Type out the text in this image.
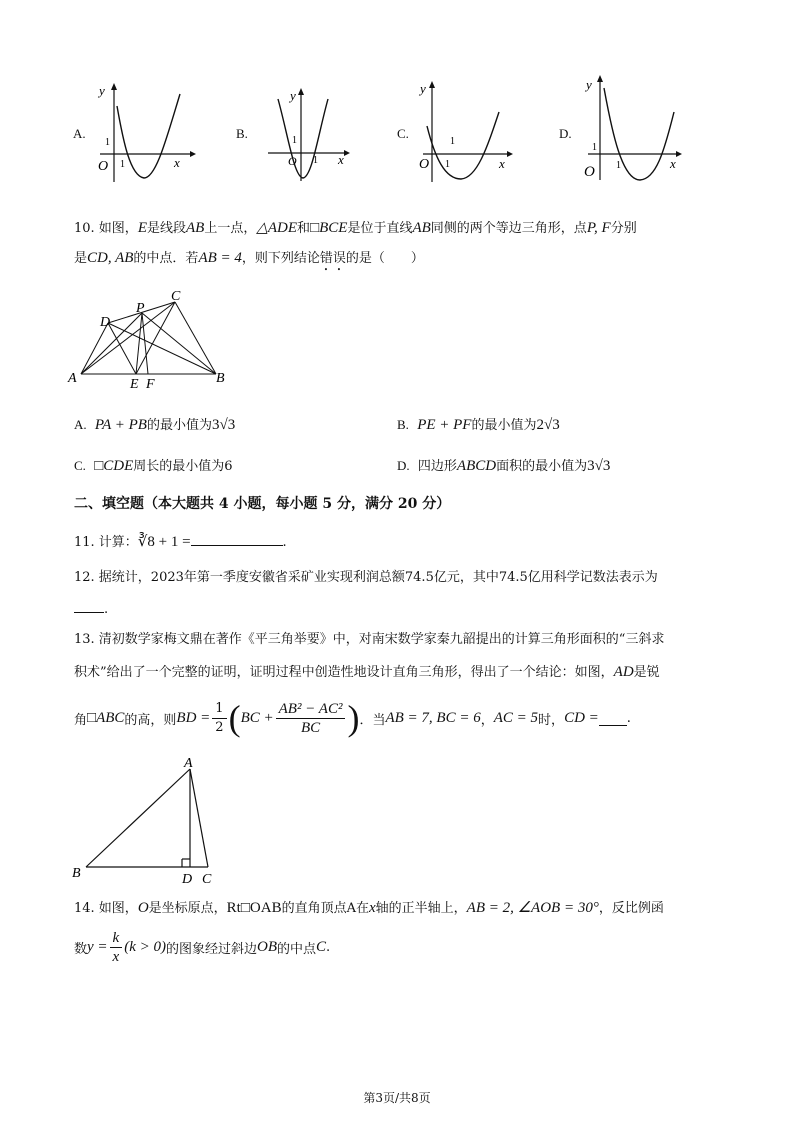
A.
y
x
O 1
1
B.
y
x
O 1
1	C.
y
x
O 1
1
D.
y
x
O 1
1
10. 如图，E是线段AB上一点，△ADE和□BCE是位于直线AB同侧的两个等边三角形，点P, F分别
是CD, AB的中点．若AB = 4，则下列结论错误的是（　　）
A	B
C
D
E F
P
A. PA + PB的最小值为3√3	B. PE + PF的最小值为2√3
C. □CDE周长的最小值为6	D. 四边形ABCD面积的最小值为3√3
二、填空题（本大题共 4 小题，每小题 5 分，满分 20 分）
11. 计算：∛8 + 1 =	.
12. 据统计，2023年第一季度安徽省采矿业实现利润总额74.5亿元，其中74.5亿用科学记数法表示为
.
13. 清初数学家梅文鼎在著作《平三角举要》中，对南宋数学家秦九韶提出的计算三角形面积的“三斜求
积术”给出了一个完整的证明，证明过程中创造性地设计直角三角形，得出了一个结论：如图，AD是锐
角 □ABC 的高，则 BD = $\frac{1}{2}$ ( BC + $\frac{\text{AB² − AC²}}{BC}$ ) ．当 AB = 7, BC = 6 ， AC = 5 时， CD = .
A
B	D C
14. 如图，O是坐标原点，Rt□OAB的直角顶点A在x轴的正半轴上，AB = 2, ∠AOB = 30°，反比例函
数 $y = \frac{k}{x} (k > 0)$ 的图象经过斜边 OB 的中点 C .
第3页/共8页
